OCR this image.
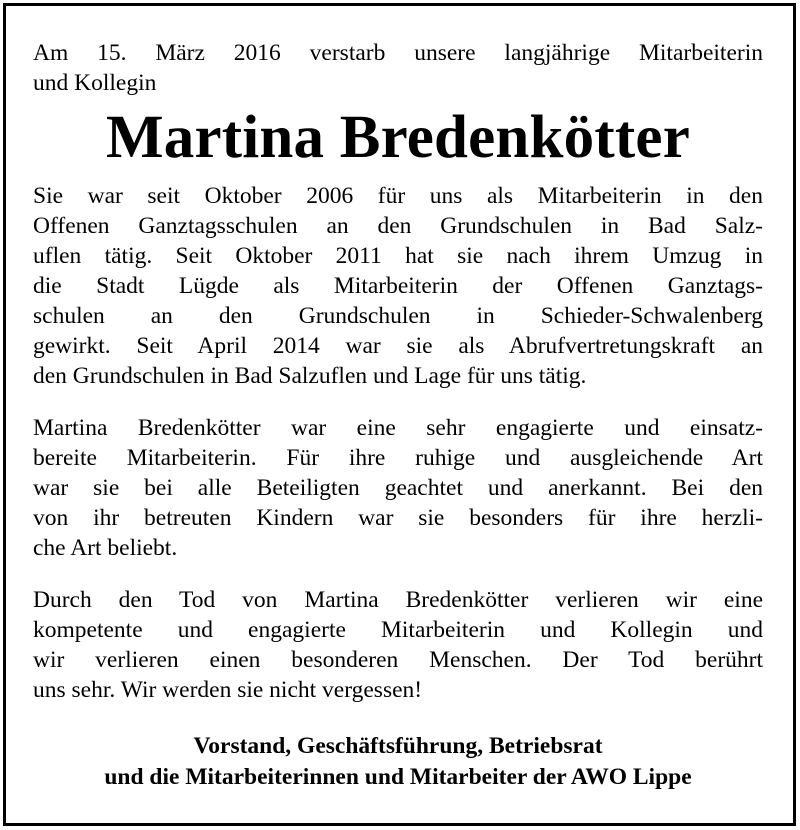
Am 15. März 2016 verstarb unsere langjährige Mitarbeiterin
und Kollegin

Martina Bredenkötter

Sie war seit Oktober 2006 für uns als Mitarbeiterin in den
Offenen Ganztagsschulen an den Grundschulen in Bad Salz-
uflen tätig. Seit Oktober 2011 hat sie nach ihrem Umzug in
die Stadt Lügde als Mitarbeiterin der Offenen Ganztags-
schulen an den Grundschulen in Schieder-Schwalenberg
gewirkt. Seit April 2014 war sie als Abrufvertretungskraft an
den Grundschulen in Bad Salzuflen und Lage für uns tätig.

Martina Bredenkötter war eine sehr engagierte und einsatz-
bereite Mitarbeiterin. Für ihre ruhige und ausgleichende Art
war sie bei alle Beteiligten geachtet und anerkannt. Bei den
von ihr betreuten Kindern war sie besonders für ihre herzli-
che Art beliebt.

Durch den Tod von Martina Bredenkötter verlieren wir eine
kompetente und engagierte Mitarbeiterin und Kollegin und
wir verlieren einen besonderen Menschen. Der Tod berührt
uns sehr. Wir werden sie nicht vergessen!

Vorstand, Geschäftsführung, Betriebsrat
und die Mitarbeiterinnen und Mitarbeiter der AWO Lippe
